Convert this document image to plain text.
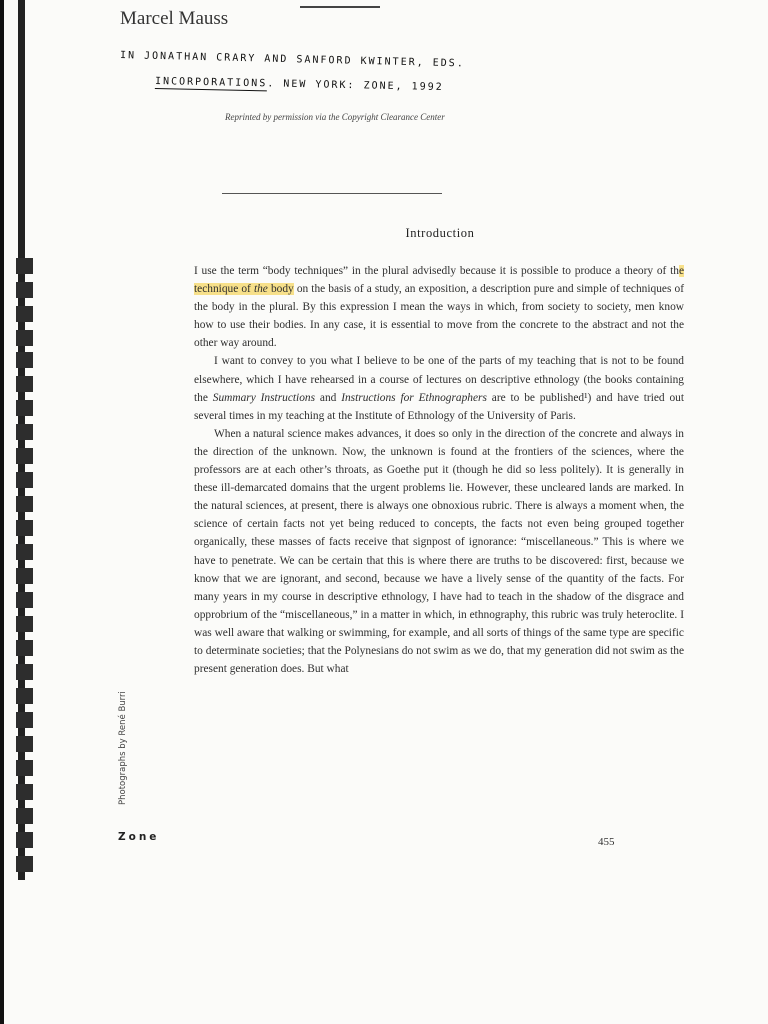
Marcel Mauss
IN JONATHAN CRARY AND SANFORD KWINTER, EDS.
INCORPORATIONS. NEW YORK: ZONE, 1992
Reprinted by permission via the Copyright Clearance Center
Introduction

I use the term “body techniques” in the plural advisedly because it is possible to produce a theory of the technique of the body on the basis of a study, an exposition, a description pure and simple of techniques of the body in the plural. By this expression I mean the ways in which, from society to society, men know how to use their bodies. In any case, it is essential to move from the concrete to the abstract and not the other way around.

I want to convey to you what I believe to be one of the parts of my teaching that is not to be found elsewhere, which I have rehearsed in a course of lectures on descriptive ethnology (the books containing the Summary Instructions and Instructions for Ethnographers are to be published¹) and have tried out several times in my teaching at the Institute of Ethnology of the University of Paris.

When a natural science makes advances, it does so only in the direction of the concrete and always in the direction of the unknown. Now, the unknown is found at the frontiers of the sciences, where the professors are at each other’s throats, as Goethe put it (though he did so less politely). It is generally in these ill-demarcated domains that the urgent problems lie. However, these uncleared lands are marked. In the natural sciences, at present, there is always one obnoxious rubric. There is always a moment when, the science of certain facts not yet being reduced to concepts, the facts not even being grouped together organically, these masses of facts receive that signpost of ignorance: “miscellaneous.” This is where we have to penetrate. We can be certain that this is where there are truths to be discovered: first, because we know that we are ignorant, and second, because we have a lively sense of the quantity of the facts. For many years in my course in descriptive ethnology, I have had to teach in the shadow of the disgrace and opprobrium of the “miscellaneous,” in a matter in which, in ethnography, this rubric was truly heteroclite. I was well aware that walking or swimming, for example, and all sorts of things of the same type are specific to determinate societies; that the Polynesians do not swim as we do, that my generation did not swim as the present generation does. But what

Photographs by René Burri
Zone	455
